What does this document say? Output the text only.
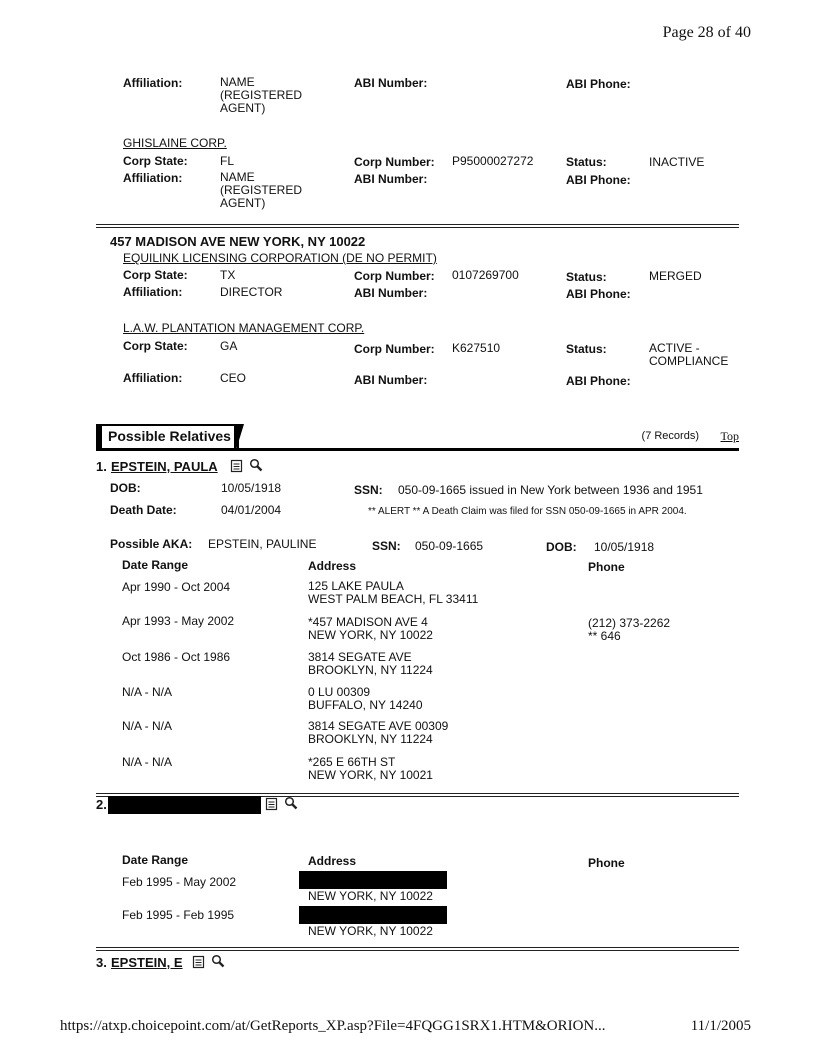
Page 28 of 40
Affiliation:	NAME
(REGISTERED
AGENT)
ABI Number:	ABI Phone:
GHISLAINE CORP.
Corp State:	FL	Corp Number: P95000027272	Status:	INACTIVE
Affiliation:	NAME
(REGISTERED
AGENT)
ABI Number:	ABI Phone:
457 MADISON AVE NEW YORK, NY 10022
EQUILINK LICENSING CORPORATION (DE NO PERMIT)
Corp State:	TX	Corp Number: 0107269700	Status:	MERGED
Affiliation:	DIRECTOR	ABI Number:	ABI Phone:
L.A.W. PLANTATION MANAGEMENT CORP.
Corp State:	GA	Corp Number: K627510	Status:	ACTIVE -
COMPLIANCE
Affiliation:	CEO	ABI Number:	ABI Phone:
Possible Relatives	(7 Records) Top
1. EPSTEIN, PAULA
DOB:	10/05/1918	SSN: 050-09-1665 issued in New York between 1936 and 1951
Death Date:	04/01/2004	** ALERT ** A Death Claim was filed for SSN 050-09-1665 in APR 2004.
Possible AKA: EPSTEIN, PAULINE	SSN: 050-09-1665	DOB: 10/05/1918
Date Range	Address	Phone
Apr 1990 - Oct 2004	125 LAKE PAULA
WEST PALM BEACH, FL 33411
Apr 1993 - May 2002	*457 MADISON AVE 4
NEW YORK, NY 10022
(212) 373-2262
** 646
Oct 1986 - Oct 1986	3814 SEGATE AVE
BROOKLYN, NY 11224
N/A - N/A	0 LU 00309
BUFFALO, NY 14240
N/A - N/A	3814 SEGATE AVE 00309
BROOKLYN, NY 11224
N/A - N/A	*265 E 66TH ST
NEW YORK, NY 10021
2.
Date Range	Address	Phone
Feb 1995 - May 2002
NEW YORK, NY 10022
Feb 1995 - Feb 1995
NEW YORK, NY 10022
3. EPSTEIN, E
https://atxp.choicepoint.com/at/GetReports_XP.asp?File=4FQGG1SRX1.HTM&ORION...	11/1/2005
